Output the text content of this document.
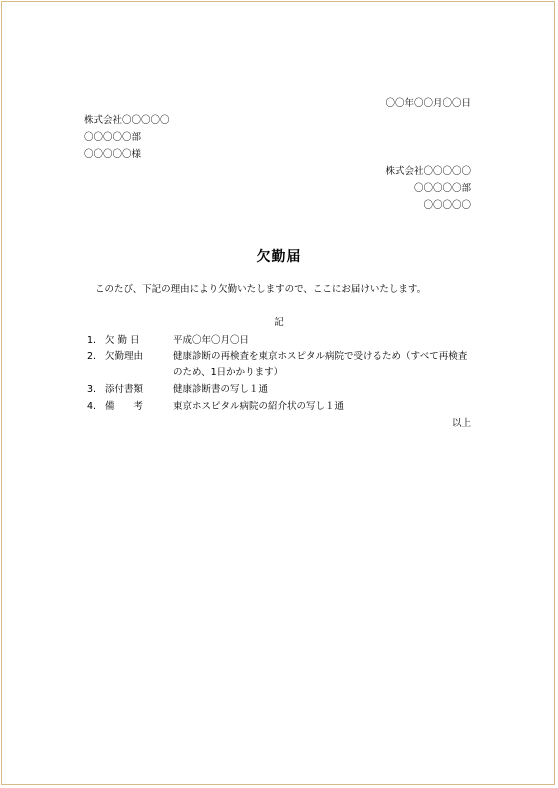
〇〇年〇〇月〇〇日
株式会社〇〇〇〇〇
〇〇〇〇〇部
〇〇〇〇〇様
株式会社〇〇〇〇〇
〇〇〇〇〇部
〇〇〇〇〇
欠勤届
このたび、下記の理由により欠勤いたしますので、ここにお届けいたします。
記
1. 欠 勤 日	平成〇年〇月〇日
2. 欠勤理由	健康診断の再検査を東京ホスピタル病院で受けるため（すべて再検査
のため、1日かかります）
3. 添付書類	健康診断書の写し１通
4. 備　　考	東京ホスピタル病院の紹介状の写し１通
以上
